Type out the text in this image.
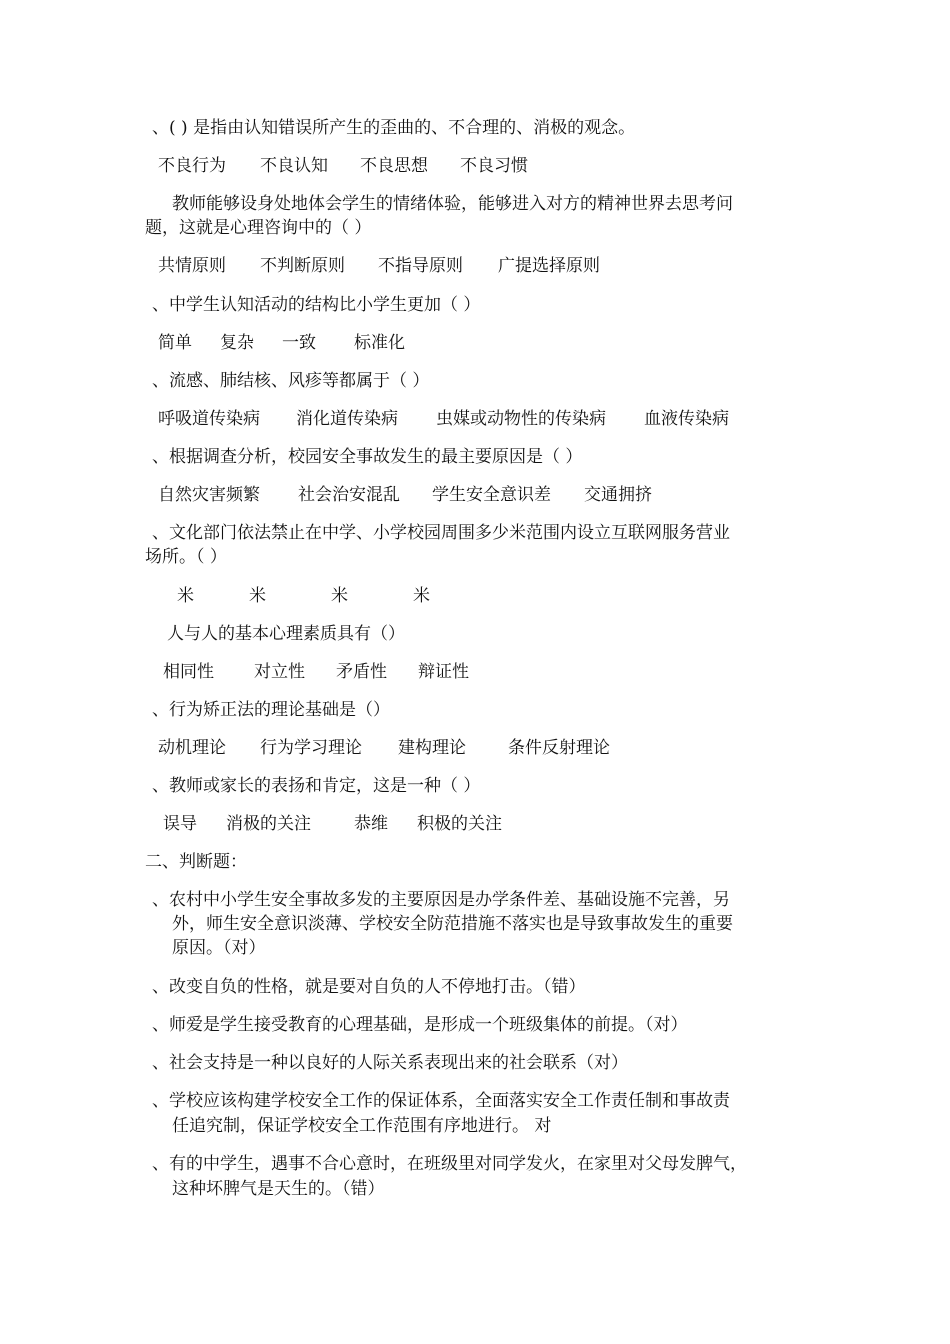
、( ) 是指由认知错误所产生的歪曲的、不合理的、消极的观念。
不良行为 不良认知 不良思想 不良习惯
教师能够设身处地体会学生的情绪体验，能够进入对方的精神世界去思考问
题，这就是心理咨询中的（ ）
共情原则 不判断原则 不指导原则 广提选择原则
、中学生认知活动的结构比小学生更加（ ）
简单 复杂 一致 标准化
、流感、肺结核、风疹等都属于（ ）
呼吸道传染病 消化道传染病 虫媒或动物性的传染病 血液传染病
、根据调查分析，校园安全事故发生的最主要原因是（ ）
自然灾害频繁 社会治安混乱 学生安全意识差 交通拥挤
、文化部门依法禁止在中学、小学校园周围多少米范围内设立互联网服务营业
场所。（ ）
米	米	米	米
人与人的基本心理素质具有（）
相同性 对立性 矛盾性 辩证性
、行为矫正法的理论基础是（）
动机理论 行为学习理论 建构理论 条件反射理论
、教师或家长的表扬和肯定，这是一种（ ）
误导 消极的关注	恭维 积极的关注
二、判断题：
、农村中小学生安全事故多发的主要原因是办学条件差、基础设施不完善，另
外，师生安全意识淡薄、学校安全防范措施不落实也是导致事故发生的重要
原因。（对）
、改变自负的性格，就是要对自负的人不停地打击。（错）
、师爱是学生接受教育的心理基础，是形成一个班级集体的前提。（对）
、社会支持是一种以良好的人际关系表现出来的社会联系（对）
、学校应该构建学校安全工作的保证体系，全面落实安全工作责任制和事故责
任追究制，保证学校安全工作范围有序地进行。 对
、有的中学生，遇事不合心意时，在班级里对同学发火，在家里对父母发脾气，
这种坏脾气是天生的。（错）
